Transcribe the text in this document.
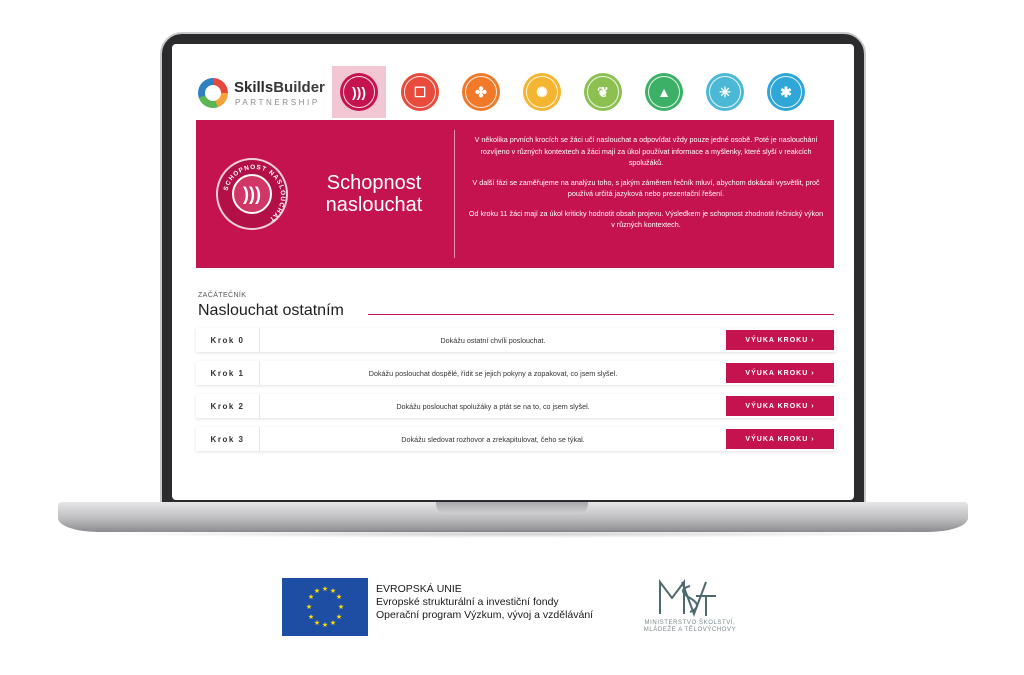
SkillsBuilder
PARTNERSHIP
)))	☐	✤	✺	❦	▲	✳	✱
SCHOPNOST NASLOUCHAT
)))	Schopnost naslouchat

V několika prvních krocích se žáci učí naslouchat a odpovídat vždy pouze jedné osobě. Poté je naslouchání rozvíjeno v různých kontextech a žáci mají za úkol používat informace a myšlenky, které slyší v reakcích spolužáků.

V další fázi se zaměřujeme na analýzu toho, s jakým záměrem řečník mluví, abychom dokázali vysvětlit, proč používá určitá jazyková nebo prezentační řešení.

Od kroku 11 žáci mají za úkol kriticky hodnotit obsah projevu. Výsledkem je schopnost zhodnotit řečnický výkon v různých kontextech.

ZAČÁTEČNÍK
Naslouchat ostatním
Krok 0	Dokážu ostatní chvíli poslouchat.	VÝUKA KROKU ›
Krok 1	Dokážu poslouchat dospělé, řídit se jejich pokyny a zopakovat, co jsem slyšel.	VÝUKA KROKU ›
Krok 2	Dokážu poslouchat spolužáky a ptát se na to, co jsem slyšel.	VÝUKA KROKU ›
Krok 3	Dokážu sledovat rozhovor a zrekapitulovat, čeho se týkal.	VÝUKA KROKU ›
★ ★
★
★
★
★
★
★
★
★
★
★	EVROPSKÁ UNIE
Evropské strukturální a investiční fondy
Operační program Výzkum, vývoj a vzdělávání
MINISTERSTVO ŠKOLSTVÍ,
MLÁDEŽE A TĚLOVÝCHOVY
